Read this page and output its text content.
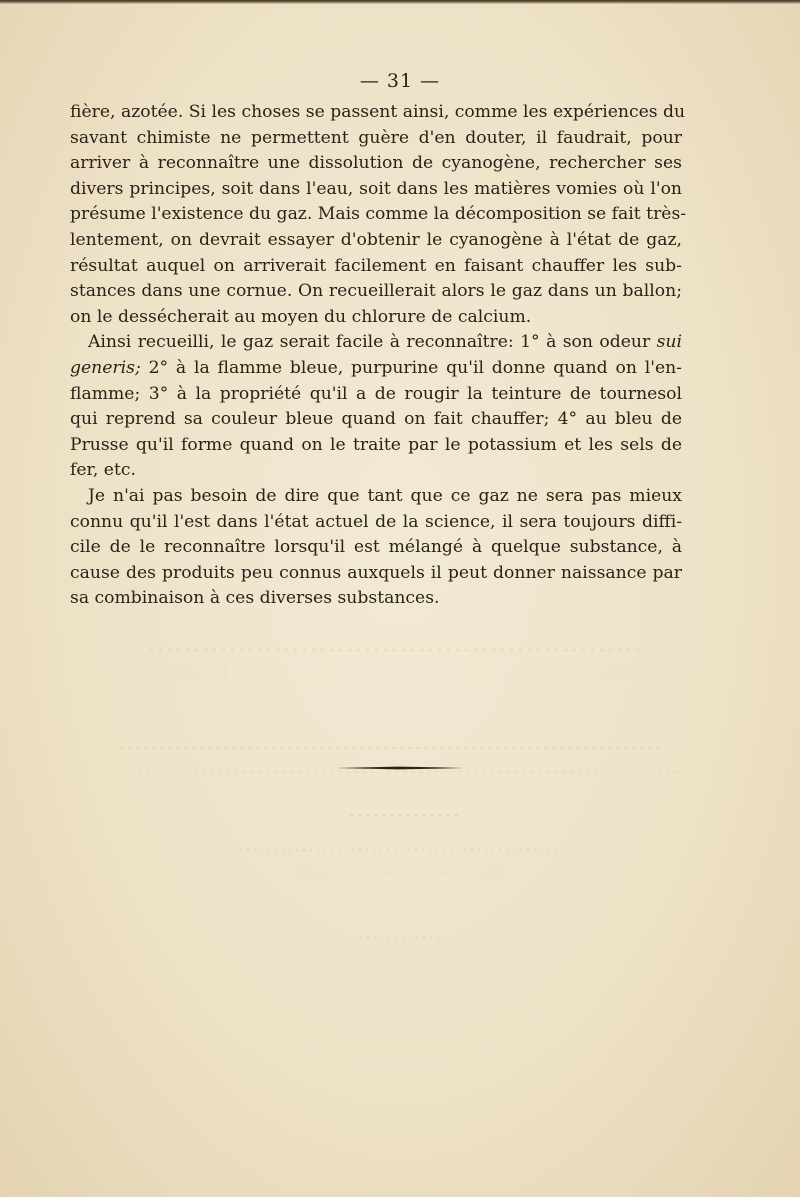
— 31 —
fière, azotée. Si les choses se passent ainsi, comme les expériences du
savant chimiste ne permettent guère d'en douter, il faudrait, pour
arriver à reconnaître une dissolution de cyanogène, rechercher ses
divers principes, soit dans l'eau, soit dans les matières vomies où l'on
présume l'existence du gaz. Mais comme la décomposition se fait très-
lentement, on devrait essayer d'obtenir le cyanogène à l'état de gaz,
résultat auquel on arriverait facilement en faisant chauffer les sub-
stances dans une cornue. On recueillerait alors le gaz dans un ballon;
on le dessécherait au moyen du chlorure de calcium.
Ainsi recueilli, le gaz serait facile à reconnaître: 1° à son odeur sui
generis; 2° à la flamme bleue, purpurine qu'il donne quand on l'en-
flamme; 3° à la propriété qu'il a de rougir la teinture de tournesol
qui reprend sa couleur bleue quand on fait chauffer; 4° au bleu de
Prusse qu'il forme quand on le traite par le potassium et les sels de
fer, etc.
Je n'ai pas besoin de dire que tant que ce gaz ne sera pas mieux
connu qu'il l'est dans l'état actuel de la science, il sera toujours diffi-
cile de le reconnaître lorsqu'il est mélangé à quelque substance, à
cause des produits peu connus auxquels il peut donner naissance par
sa combinaison à ces diverses substances.
